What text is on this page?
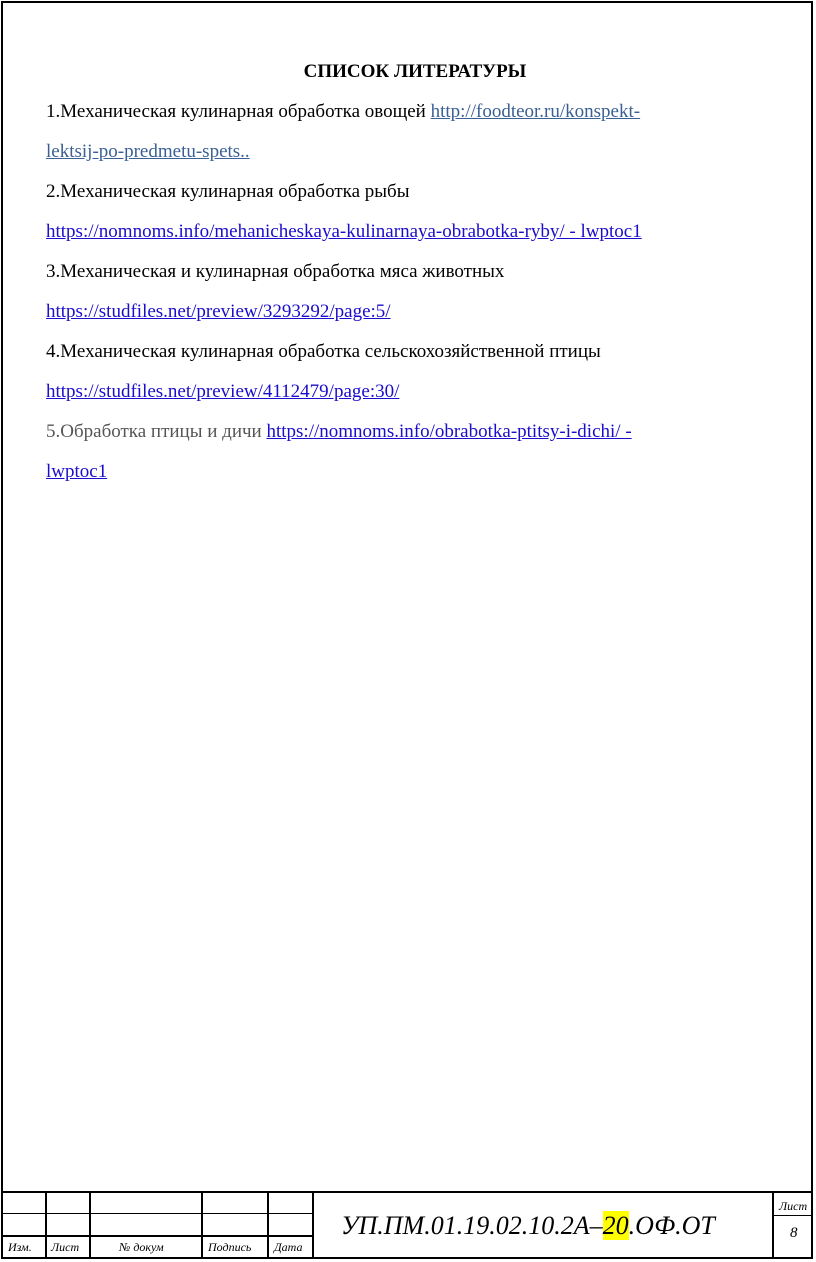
СПИСОК ЛИТЕРАТУРЫ

1.Механическая кулинарная обработка овощей http://foodteor.ru/konspekt-

lektsij-po-predmetu-spets..

2.Механическая кулинарная обработка рыбы

https://nomnoms.info/mehanicheskaya-kulinarnaya-obrabotka-ryby/ - lwptoc1

3.Механическая и кулинарная обработка мяса животных

https://studfiles.net/preview/3293292/page:5/

4.Механическая кулинарная обработка сельскохозяйственной птицы

https://studfiles.net/preview/4112479/page:30/

5.Обработка птицы и дичи https://nomnoms.info/obrabotka-ptitsy-i-dichi/ -

lwptoc1

Изм. Лист	№ докум	Подпись Дата
УП.ПМ.01.19.02.10.2А–20.ОФ.ОТ
Лист
8
